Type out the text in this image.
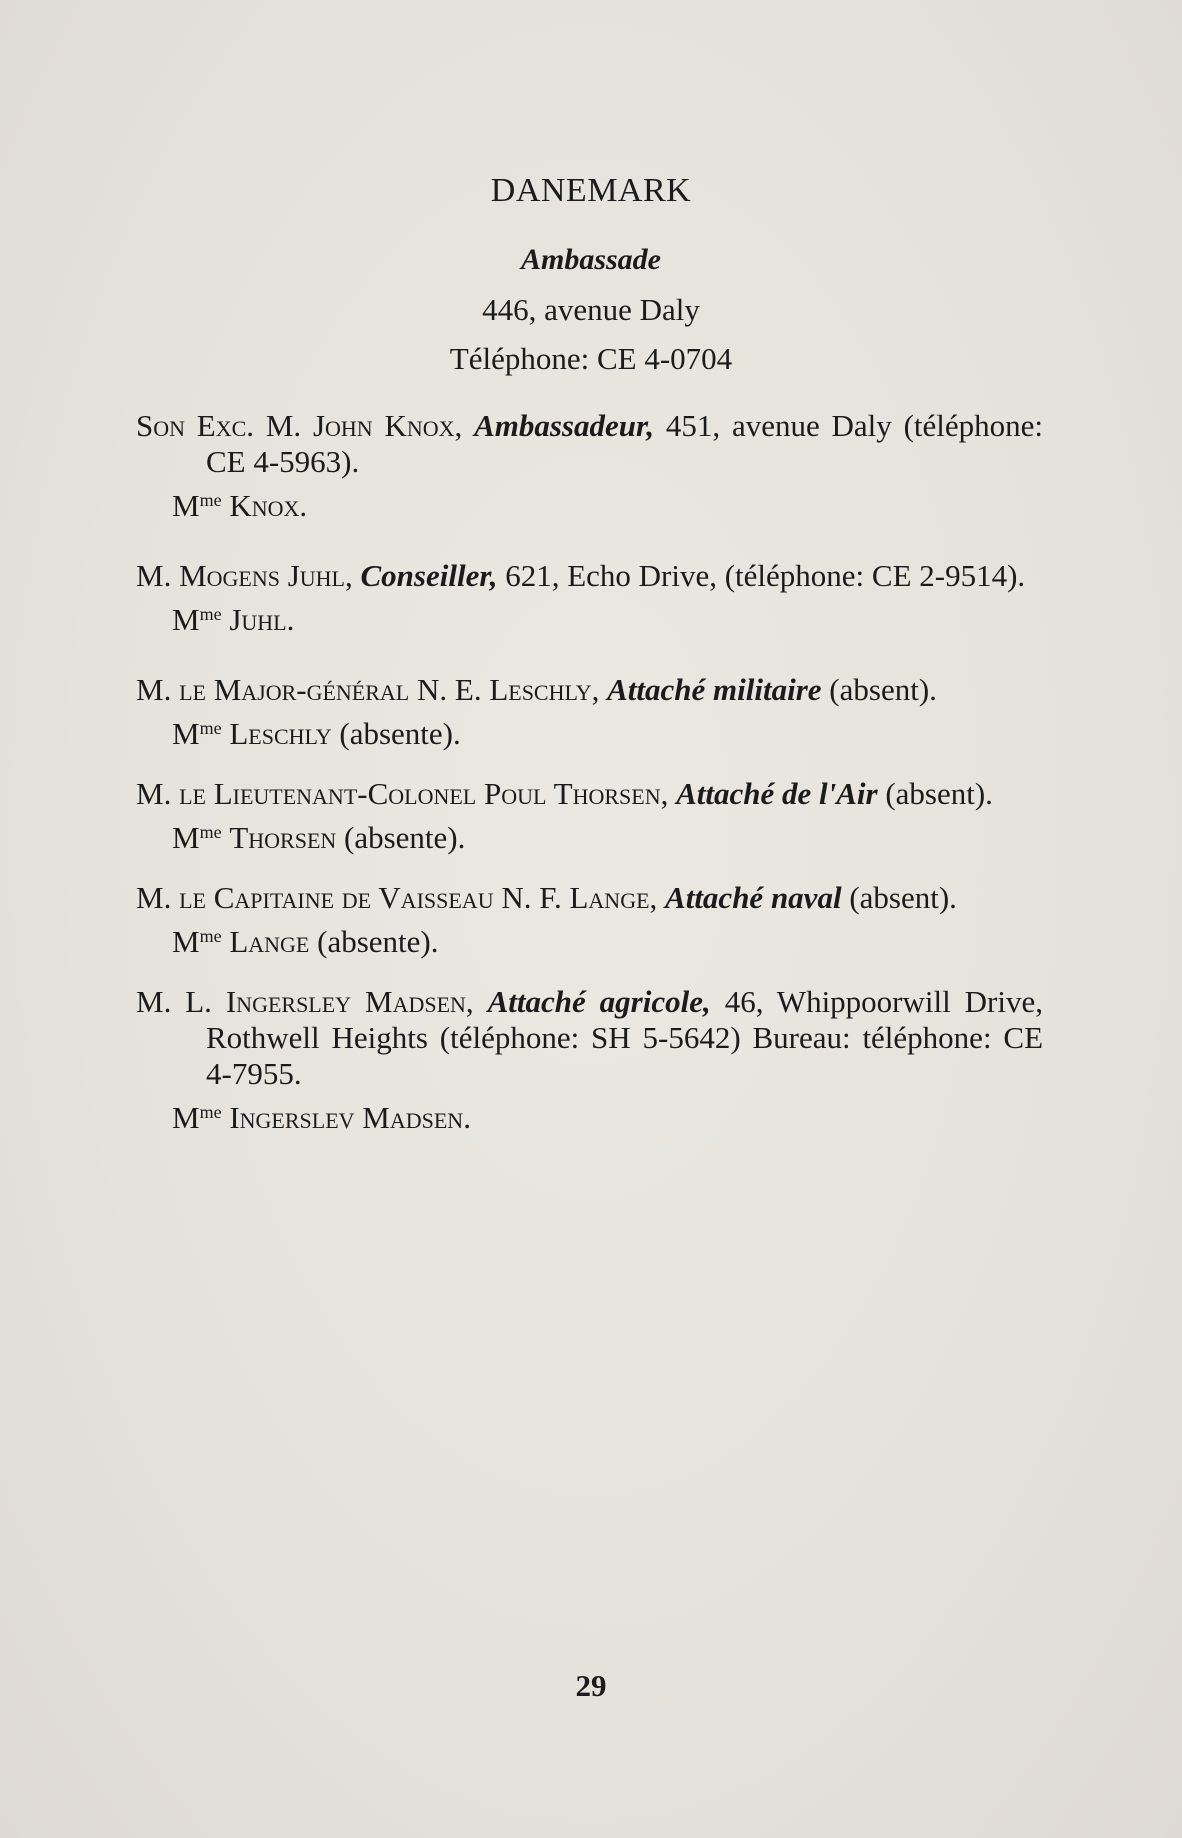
DANEMARK
Ambassade
446, avenue Daly
Téléphone: CE 4-0704

Son Exc. M. John Knox, Ambassadeur, 451, avenue Daly (téléphone: CE 4-5963).

$M^{me}$ Knox.

M. Mogens Juhl, Conseiller, 621, Echo Drive, (téléphone: CE 2-9514).

$M^{me}$ Juhl.

M. le Major-général N. E. Leschly, Attaché militaire (absent).

$M^{me}$ Leschly (absente).

M. le Lieutenant-Colonel Poul Thorsen, Attaché de l'Air (absent).

$M^{me}$ Thorsen (absente).

M. le Capitaine de Vaisseau N. F. Lange, Attaché naval (absent).

$M^{me}$ Lange (absente).

M. L. Ingersley Madsen, Attaché agricole, 46, Whippoorwill Drive, Rothwell Heights (téléphone: SH 5-5642) Bureau: téléphone: CE 4-7955.

$M^{me}$ Ingerslev Madsen.

29
